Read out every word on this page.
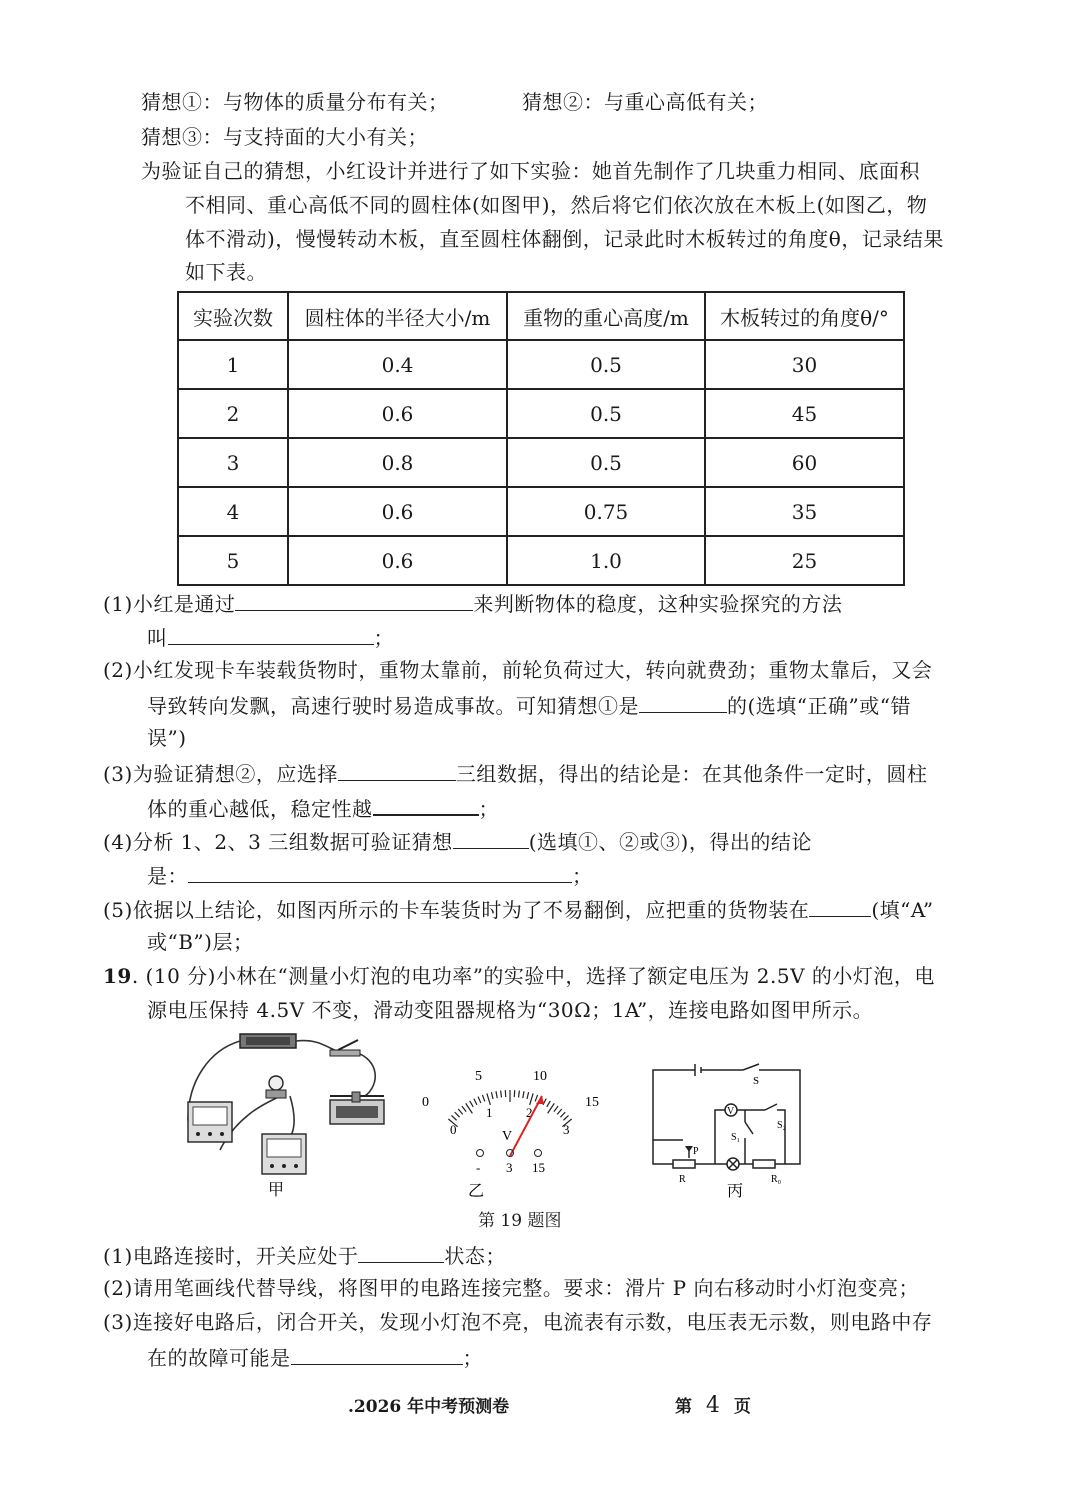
猜想①：与物体的质量分布有关；	猜想②：与重心高低有关；
猜想③：与支持面的大小有关；
为验证自己的猜想，小红设计并进行了如下实验：她首先制作了几块重力相同、底面积
不相同、重心高低不同的圆柱体(如图甲)，然后将它们依次放在木板上(如图乙，物
体不滑动)，慢慢转动木板，直至圆柱体翻倒，记录此时木板转过的角度θ，记录结果
如下表。
实验次数	圆柱体的半径大小/m	重物的重心高度/m	木板转过的角度θ/°
1	0.4	0.5	30
2	0.6	0.5	45
3	0.8	0.5	60
4	0.6	0.75	35
5	0.6	1.0	25
(1)小红是通过	来判断物体的稳度，这种实验探究的方法
叫	；
(2)小红发现卡车装载货物时，重物太靠前，前轮负荷过大，转向就费劲；重物太靠后，又会
导致转向发飘，高速行驶时易造成事故。可知猜想①是	的(选填“正确”或“错
误”)
(3)为验证猜想②，应选择	三组数据，得出的结论是：在其他条件一定时，圆柱
体的重心越低，稳定性越	；
(4)分析 1、2、3 三组数据可验证猜想	(选填①、②或③)，得出的结论
是：	；
(5)依据以上结论，如图丙所示的卡车装货时为了不易翻倒，应把重的货物装在	(填“A”
或“B”)层；
19. (10 分)小林在“测量小灯泡的电功率”的实验中，选择了额定电压为 2.5V 的小灯泡，电
源电压保持 4.5V 不变，滑动变阻器规格为“30Ω；1A”，连接电路如图甲所示。
甲
0
5	10
15
0
1	2
3
V
- 3 15
乙
V
S
S₁
S₂
P
R	R₀
丙
第 19 题图
(1)电路连接时，开关应处于	状态；
(2)请用笔画线代替导线，将图甲的电路连接完整。要求：滑片 P 向右移动时小灯泡变亮；
(3)连接好电路后，闭合开关，发现小灯泡不亮，电流表有示数，电压表无示数，则电路中存
在的故障可能是	；
.2026 年中考预测卷	第 4 页
